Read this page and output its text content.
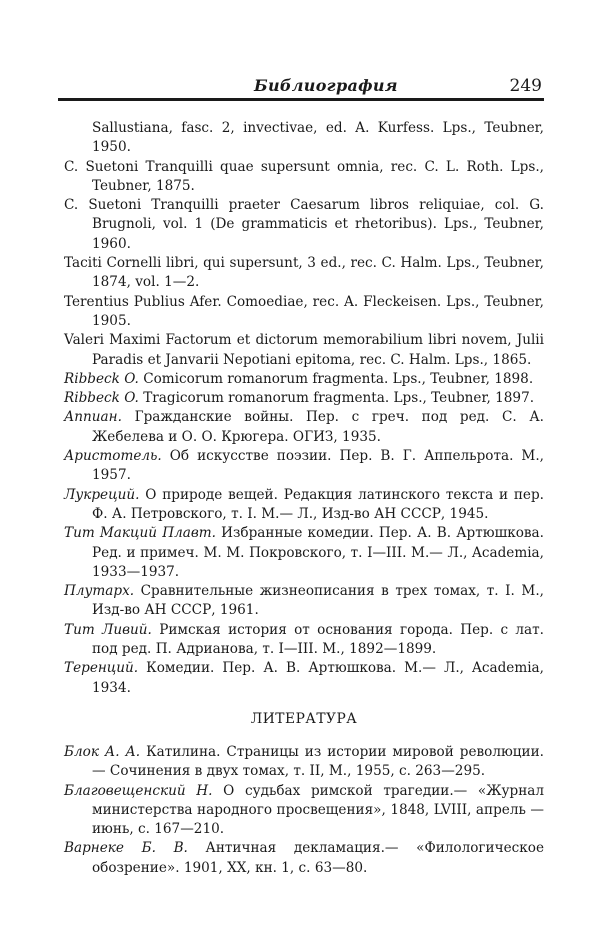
Библиография	249

Sallustiana, fasc. 2, invectivae, ed. A. Kurfess. Lps., Teubner, 1950.

C. Suetoni Tranquilli quae supersunt omnia, rec. C. L. Roth. Lps., Teubner, 1875.

C. Suetoni Tranquilli praeter Caesarum libros reliquiae, col. G. Brugnoli, vol. 1 (De grammaticis et rhetoribus). Lps., Teubner, 1960.

Taciti Cornelli libri, qui supersunt, 3 ed., rec. C. Halm. Lps., Teubner, 1874, vol. 1—2.

Terentius Publius Afer. Comoediae, rec. A. Fleckeisen. Lps., Teubner, 1905.

Valeri Maximi Factorum et dictorum memorabilium libri novem, Julii Paradis et Janvarii Nepotiani epitoma, rec. C. Halm. Lps., 1865.

Ribbeck O. Comicorum romanorum fragmenta. Lps., Teubner, 1898.

Ribbeck O. Tragicorum romanorum fragmenta. Lps., Teubner, 1897.

Аппиан. Гражданские войны. Пер. с греч. под ред. С. А. Жебелева и О. О. Крюгера. ОГИЗ, 1935.

Аристотель. Об искусстве поэзии. Пер. В. Г. Аппельрота. М., 1957.

Лукреций. О природе вещей. Редакция латинского текста и пер. Ф. А. Петровского, т. I. М.— Л., Изд-во АН СССР, 1945.

Тит Макций Плавт. Избранные комедии. Пер. А. В. Артюшкова. Ред. и примеч. М. М. Покровского, т. I—III. М.— Л., Academia, 1933—1937.

Плутарх. Сравнительные жизнеописания в трех томах, т. I. М., Изд-во АН СССР, 1961.

Тит Ливий. Римская история от основания города. Пер. с лат. под ред. П. Адрианова, т. I—III. М., 1892—1899.

Теренций. Комедии. Пер. А. В. Артюшкова. М.— Л., Academia, 1934.

ЛИТЕРАТУРА

Блок А. А. Катилина. Страницы из истории мировой революции.— Сочинения в двух томах, т. II, М., 1955, с. 263—295.

Благовещенский Н. О судьбах римской трагедии.— «Журнал министерства народного просвещения», 1848, LVIII, апрель — июнь, с. 167—210.

Варнеке Б. В. Античная декламация.— «Филологическое обозрение». 1901, XX, кн. 1, с. 63—80.
